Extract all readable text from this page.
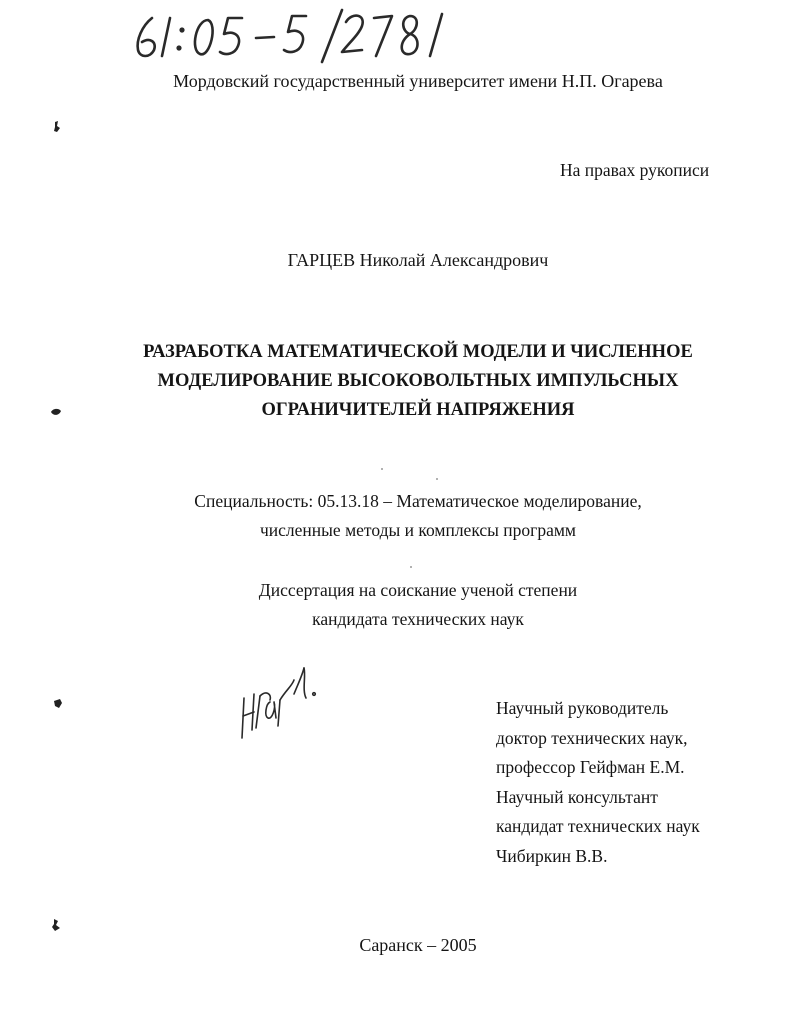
Мордовский государственный университет имени Н.П. Огарева
На правах рукописи
ГАРЦЕВ Николай Александрович
РАЗРАБОТКА МАТЕМАТИЧЕСКОЙ МОДЕЛИ И ЧИСЛЕННОЕ
МОДЕЛИРОВАНИЕ ВЫСОКОВОЛЬТНЫХ ИМПУЛЬСНЫХ
ОГРАНИЧИТЕЛЕЙ НАПРЯЖЕНИЯ
Специальность: 05.13.18 – Математическое моделирование,
численные методы и комплексы программ
Диссертация на соискание ученой степени
кандидата технических наук
Научный руководитель
доктор технических наук,
профессор Гейфман Е.М.
Научный консультант
кандидат технических наук
Чибиркин В.В.
Саранск – 2005
